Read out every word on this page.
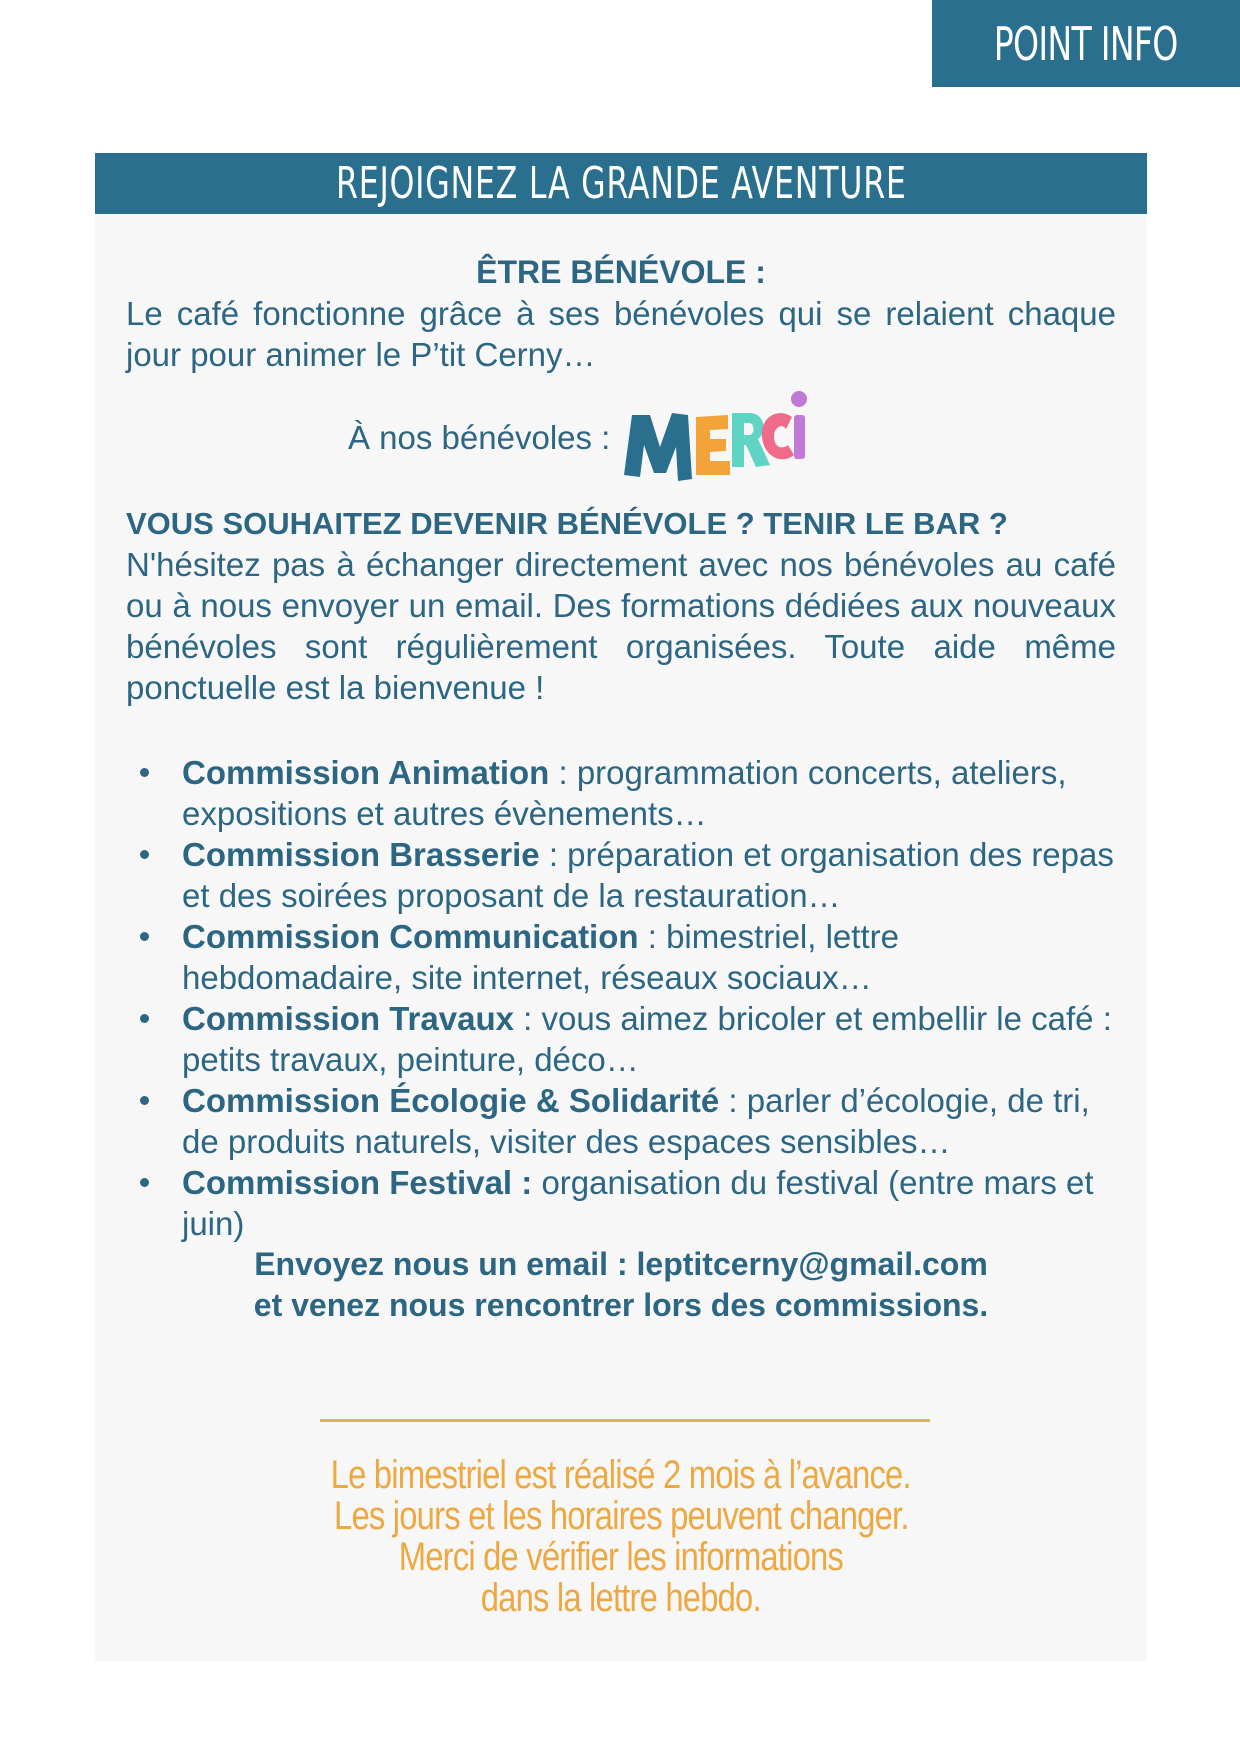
POINT INFO
REJOIGNEZ LA GRANDE AVENTURE

ÊTRE BÉNÉVOLE :

Le café fonctionne grâce à ses bénévoles qui se relaient chaque jour pour animer le P’tit Cerny…

À nos bénévoles :

VOUS SOUHAITEZ DEVENIR BÉNÉVOLE ? TENIR LE BAR ?

N'hésitez pas à échanger directement avec nos bénévoles au café ou à nous envoyer un email. Des formations dédiées aux nouveaux bénévoles sont régulièrement organisées. Toute aide même ponctuelle est la bienvenue !

Commission Animation : programmation concerts, ateliers, expositions et autres évènements…
Commission Brasserie : préparation et organisation des repas et des soirées proposant de la restauration…
Commission Communication : bimestriel, lettre hebdomadaire, site internet, réseaux sociaux…
Commission Travaux : vous aimez bricoler et embellir le café : petits travaux, peinture, déco…
Commission Écologie & Solidarité : parler d’écologie, de tri, de produits naturels, visiter des espaces sensibles…
Commission Festival : organisation du festival (entre mars et juin)

Envoyez nous un email : leptitcerny@gmail.com

et venez nous rencontrer lors des commissions.

Le bimestriel est réalisé 2 mois à l’avance.
Les jours et les horaires peuvent changer.
Merci de vérifier les informations
dans la lettre hebdo.
